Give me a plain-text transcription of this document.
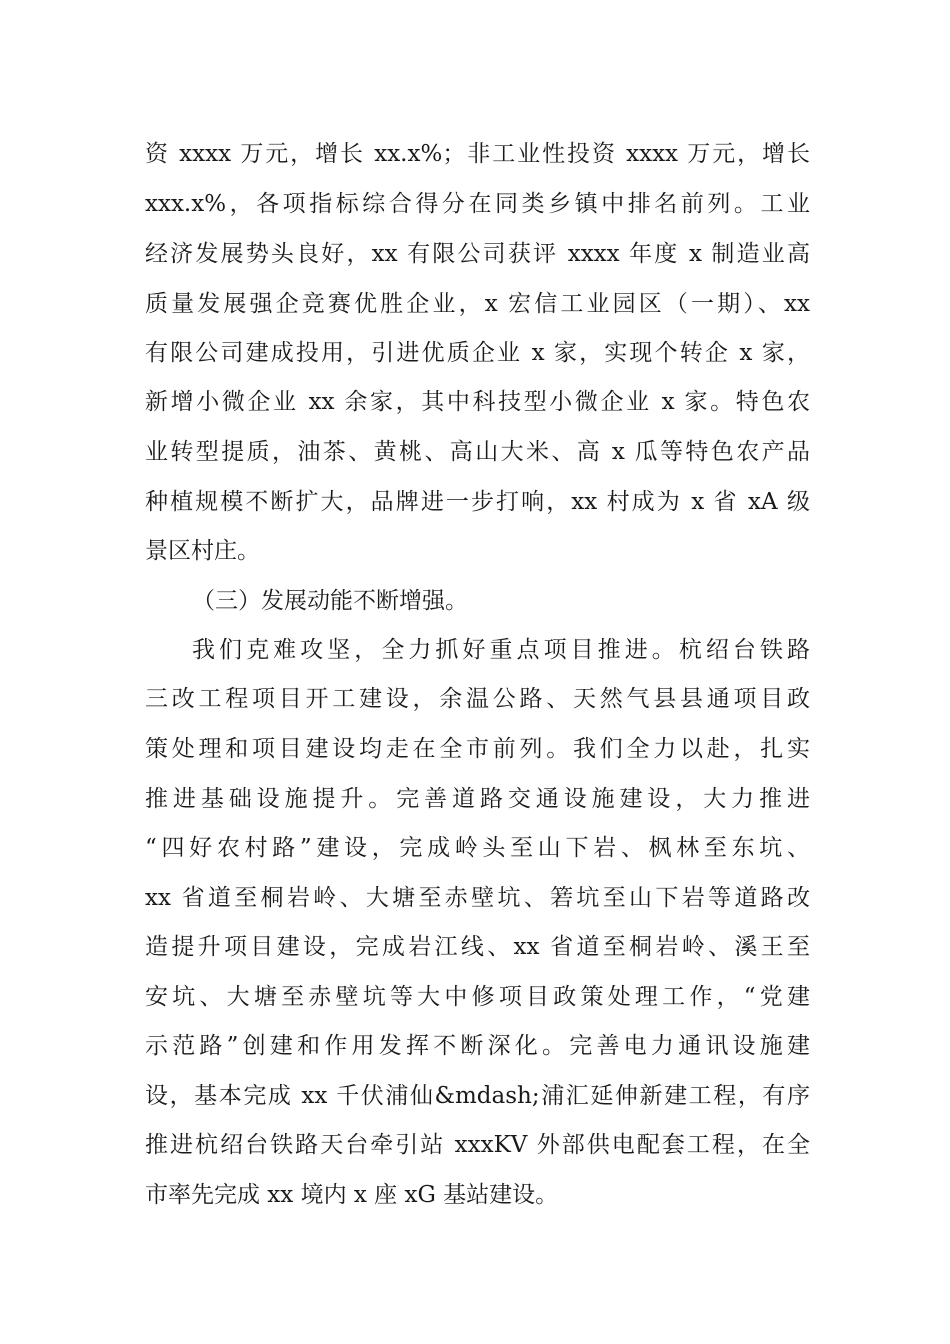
资 xxxx 万元，增长 xx.x%；非工业性投资 xxxx 万元，增长
xxx.x%，各项指标综合得分在同类乡镇中排名前列。工业
经济发展势头良好，xx 有限公司获评 xxxx 年度 x 制造业高
质量发展强企竞赛优胜企业，x 宏信工业园区（一期）、xx
有限公司建成投用，引进优质企业 x 家，实现个转企 x 家，
新增小微企业 xx 余家，其中科技型小微企业 x 家。特色农
业转型提质，油茶、黄桃、高山大米、高 x 瓜等特色农产品
种植规模不断扩大，品牌进一步打响，xx 村成为 x 省 xA 级
景区村庄。
（三）发展动能不断增强。
我们克难攻坚，全力抓好重点项目推进。杭绍台铁路
三改工程项目开工建设，余温公路、天然气县县通项目政
策处理和项目建设均走在全市前列。我们全力以赴，扎实
推进基础设施提升。完善道路交通设施建设，大力推进
“四好农村路”建设，完成岭头至山下岩、枫林至东坑、
xx 省道至桐岩岭、大塘至赤壁坑、箬坑至山下岩等道路改
造提升项目建设，完成岩江线、xx 省道至桐岩岭、溪王至
安坑、大塘至赤壁坑等大中修项目政策处理工作，“党建
示范路”创建和作用发挥不断深化。完善电力通讯设施建
设，基本完成 xx 千伏浦仙&mdash;浦汇延伸新建工程，有序
推进杭绍台铁路天台牵引站 xxxKV 外部供电配套工程，在全
市率先完成 xx 境内 x 座 xG 基站建设。
